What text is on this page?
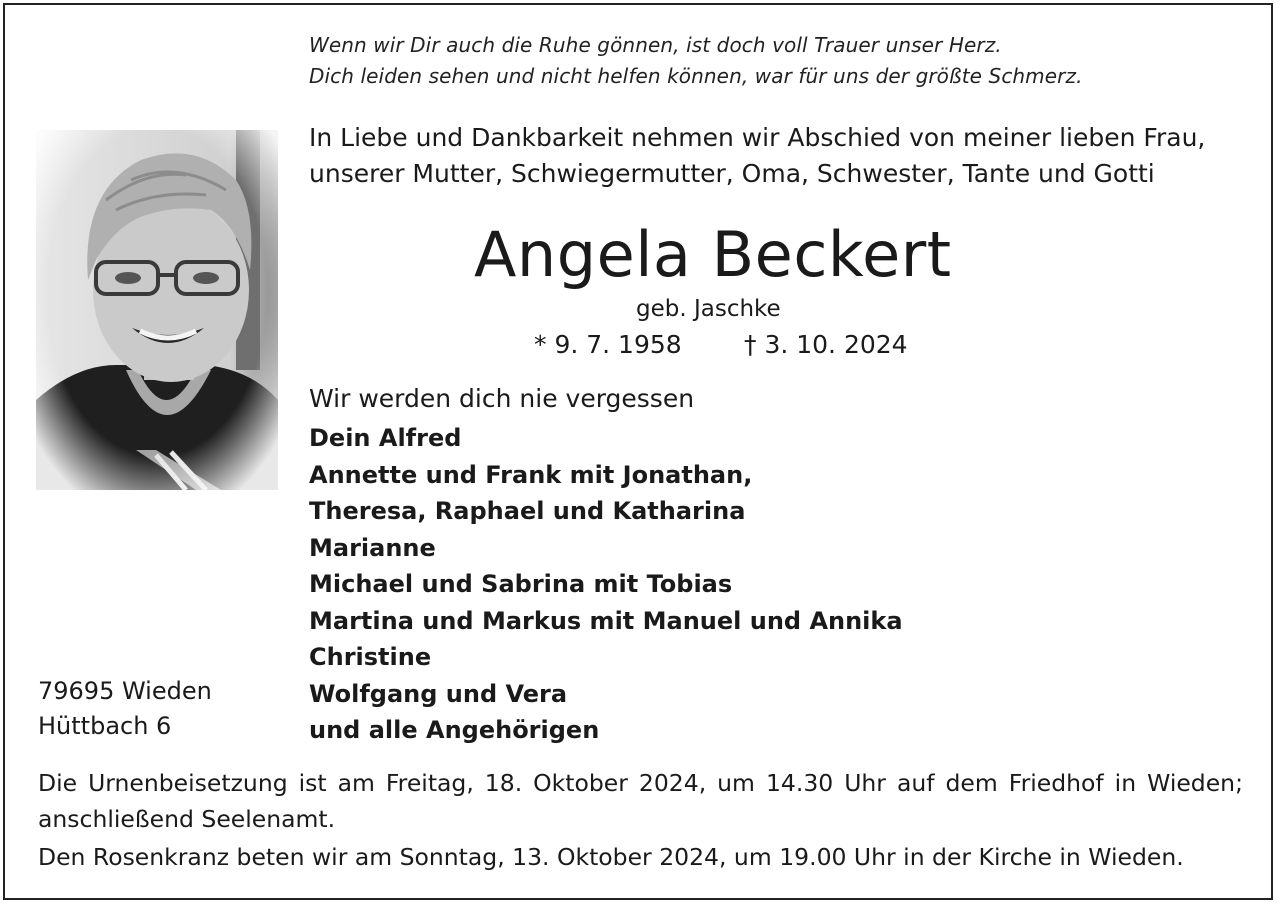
Wenn wir Dir auch die Ruhe gönnen, ist doch voll Trauer unser Herz.
Dich leiden sehen und nicht helfen können, war für uns der größte Schmerz.
In Liebe und Dankbarkeit nehmen wir Abschied von meiner lieben Frau,
unserer Mutter, Schwiegermutter, Oma, Schwester, Tante und Gotti
Angela Beckert
geb. Jaschke
* 9. 7. 1958 † 3. 10. 2024
Wir werden dich nie vergessen
Dein Alfred
Annette und Frank mit Jonathan,
Theresa, Raphael und Katharina
Marianne
Michael und Sabrina mit Tobias
Martina und Markus mit Manuel und Annika
Christine
Wolfgang und Vera
und alle Angehörigen
79695 Wieden
Hüttbach 6
Die Urnenbeisetzung ist am Freitag, 18. Oktober 2024, um 14.30 Uhr auf dem Friedhof in Wieden; anschließend Seelenamt.
Den Rosenkranz beten wir am Sonntag, 13. Oktober 2024, um 19.00 Uhr in der Kirche in Wieden.
